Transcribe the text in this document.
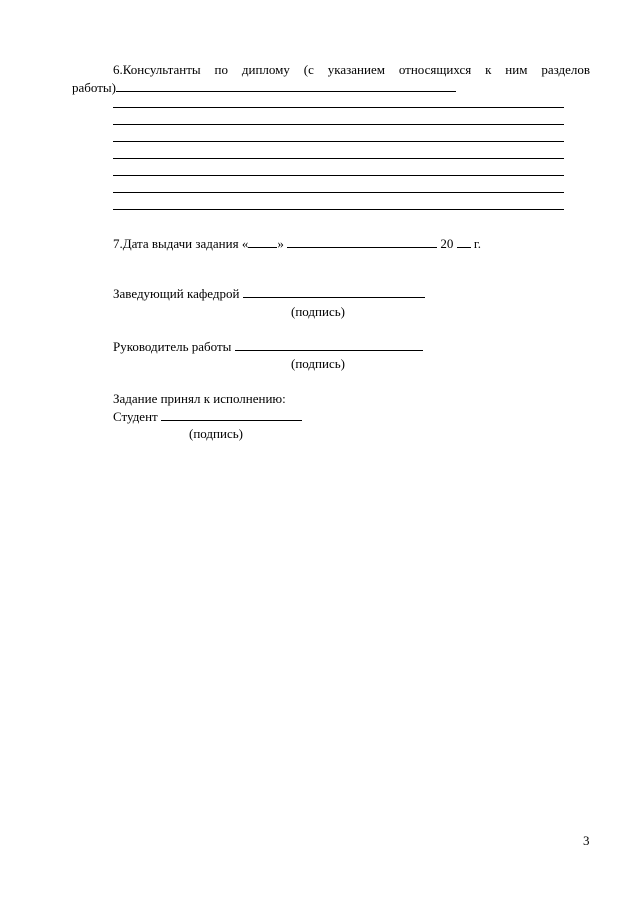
6.Консультанты по диплому (с указанием относящихся к ним разделов
работы)
7.Дата выдачи задания « »	20 г.
Заведующий кафедрой
(подпись)
Руководитель работы
(подпись)
Задание принял к исполнению:
Студент
(подпись)
3
